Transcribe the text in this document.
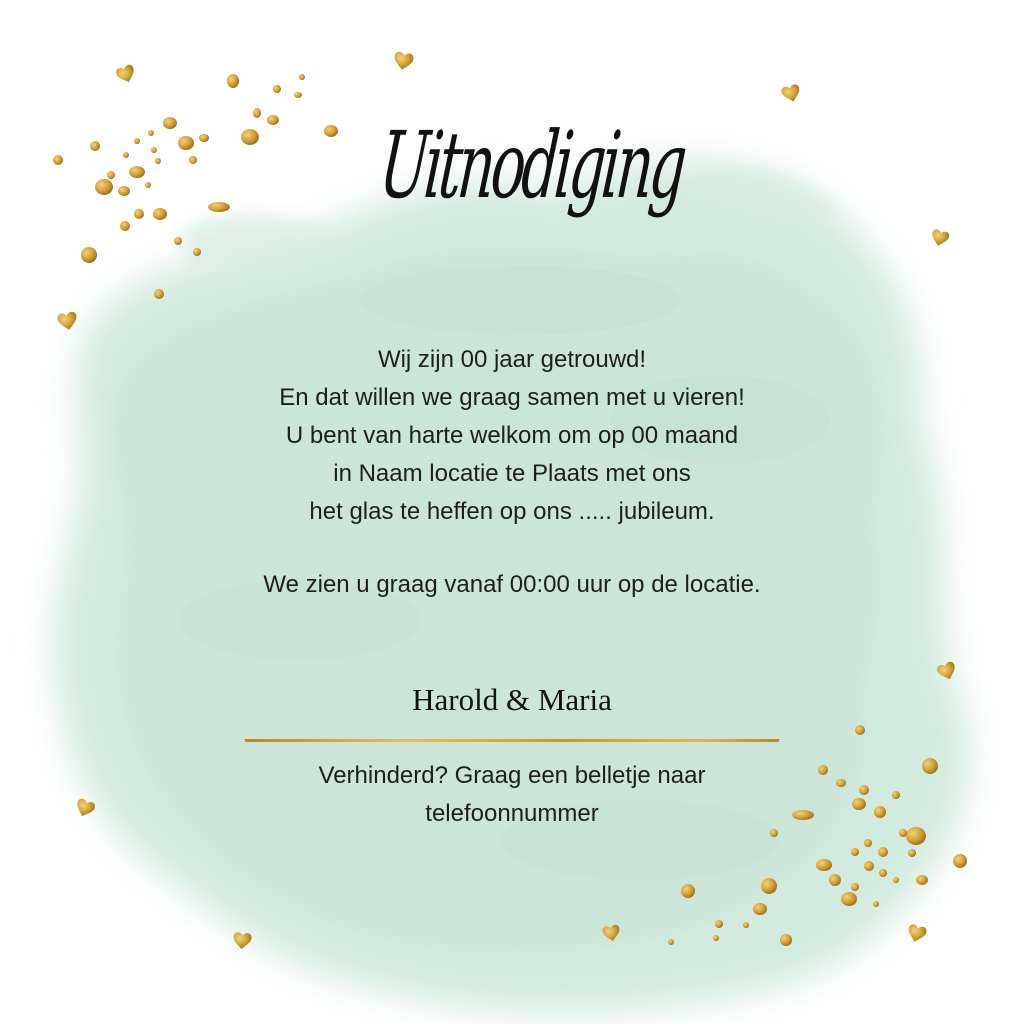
Uitnodiging
Wij zijn 00 jaar getrouwd!
En dat willen we graag samen met u vieren!
U bent van harte welkom om op 00 maand
in Naam locatie te Plaats met ons
het glas te heffen op ons ..... jubileum.
We zien u graag vanaf 00:00 uur op de locatie.
Harold & Maria
Verhinderd? Graag een belletje naar
telefoonnummer
